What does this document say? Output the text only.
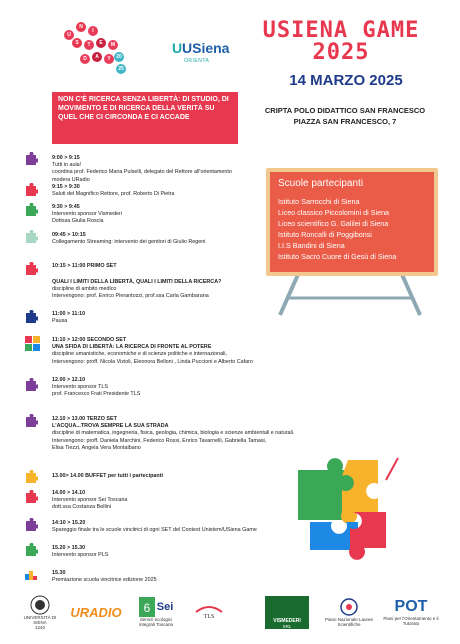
U
N
I
S	T	E	M
D	A	Y	20
25
U USiena
ORIENTA
USIENA GAME
2025
14 MARZO 2025
CRIPTA POLO DIDATTICO SAN FRANCESCO
PIAZZA SAN FRANCESCO, 7
NON C'È RICERCA SENZA LIBERTÀ: DI STUDIO, DI MOVIMENTO E DI RICERCA DELLA VERITÀ SU QUEL CHE CI CIRCONDA E CI ACCADE
Scuole partecipanti
Istituto Sarrocchi di Siena
Liceo classico Piccolomini di Siena
Liceo scientifico G. Galilei di Siena
Istituto Roncalli di Poggibonsi
I.I.S Bandini di Siena
Istituto Sacro Cuore di Gesù di Siena
9:00 > 9:15
Tutti in aula!
coordina prof. Federico Maria Pulselli, delegato del Rettore all'orientamento
modera URadio
9:15 > 9:30
Saluti del Magnifico Rettore, prof. Roberto Di Pietra
9:30 > 9:45
Intervento sponsor Vismederi
Dottssa Giulia Roscia
09:45 > 10:15
Collegamento Streaming: intervento dei genitori di Giulio Regeni
10:15 > 11:00 PRIMO SET
QUALI I LIMITI DELLA LIBERTÀ, QUALI I LIMITI DELLA RICERCA?
discipline di ambito medico
Intervengono: prof. Enrico Pierantozzi, prof.ssa Carla Gambarana
11:00 > 11:10
Pausa
11:10 > 12:00 SECONDO SET
UNA SFIDA DI LIBERTÀ: LA RICERCA DI FRONTE AL POTERE
discipline umanistiche, economiche e di scienze politiche e internazionali,
Intervengono: proff. Nicola Vizioli, Eleonora Belloni , Linda Puccioni e Alberto Cafaro
12.00 > 12.10
Intervento sponsor TLS
prof. Francesco Frati Presidente TLS
12.10 > 13.00 TERZO SET
L'ACQUA...TROVA SEMPRE LA SUA STRADA
discipline di matematica, ingegneria, fisica, geologia, chimica, biologia e scienze ambientali e naturali.
Intervengono: proff. Daniela Marchini, Federico Rossi, Enrico Tavarnelli, Gabriella Tamasi,
Elisa Tiezzi, Angela Vera Montalbano
13.00> 14.00 BUFFET per tutti i partecipanti
14.00 > 14.10
Intervento sponsor Sei Toscana
dott.ssa Costanza Bellini
14:10 > 15.20
Spareggio finale tra le scuole vincitrici di ogni SET del Contest Unistem/USiena Game
15.20 > 15.30
Intervento sponsor PLS
15.30
Premiazione scuola vincitrice edizione 2025
UNIVERSITÀ DI SIENA
1240
URADIO 6 Sei
Servizi ecologici integrati Toscana
TLS
VISMEDERI
SRL
Piano Nazionale Lauree Scientifiche
POT
Piani per l'Orientamento e il Tutorato
